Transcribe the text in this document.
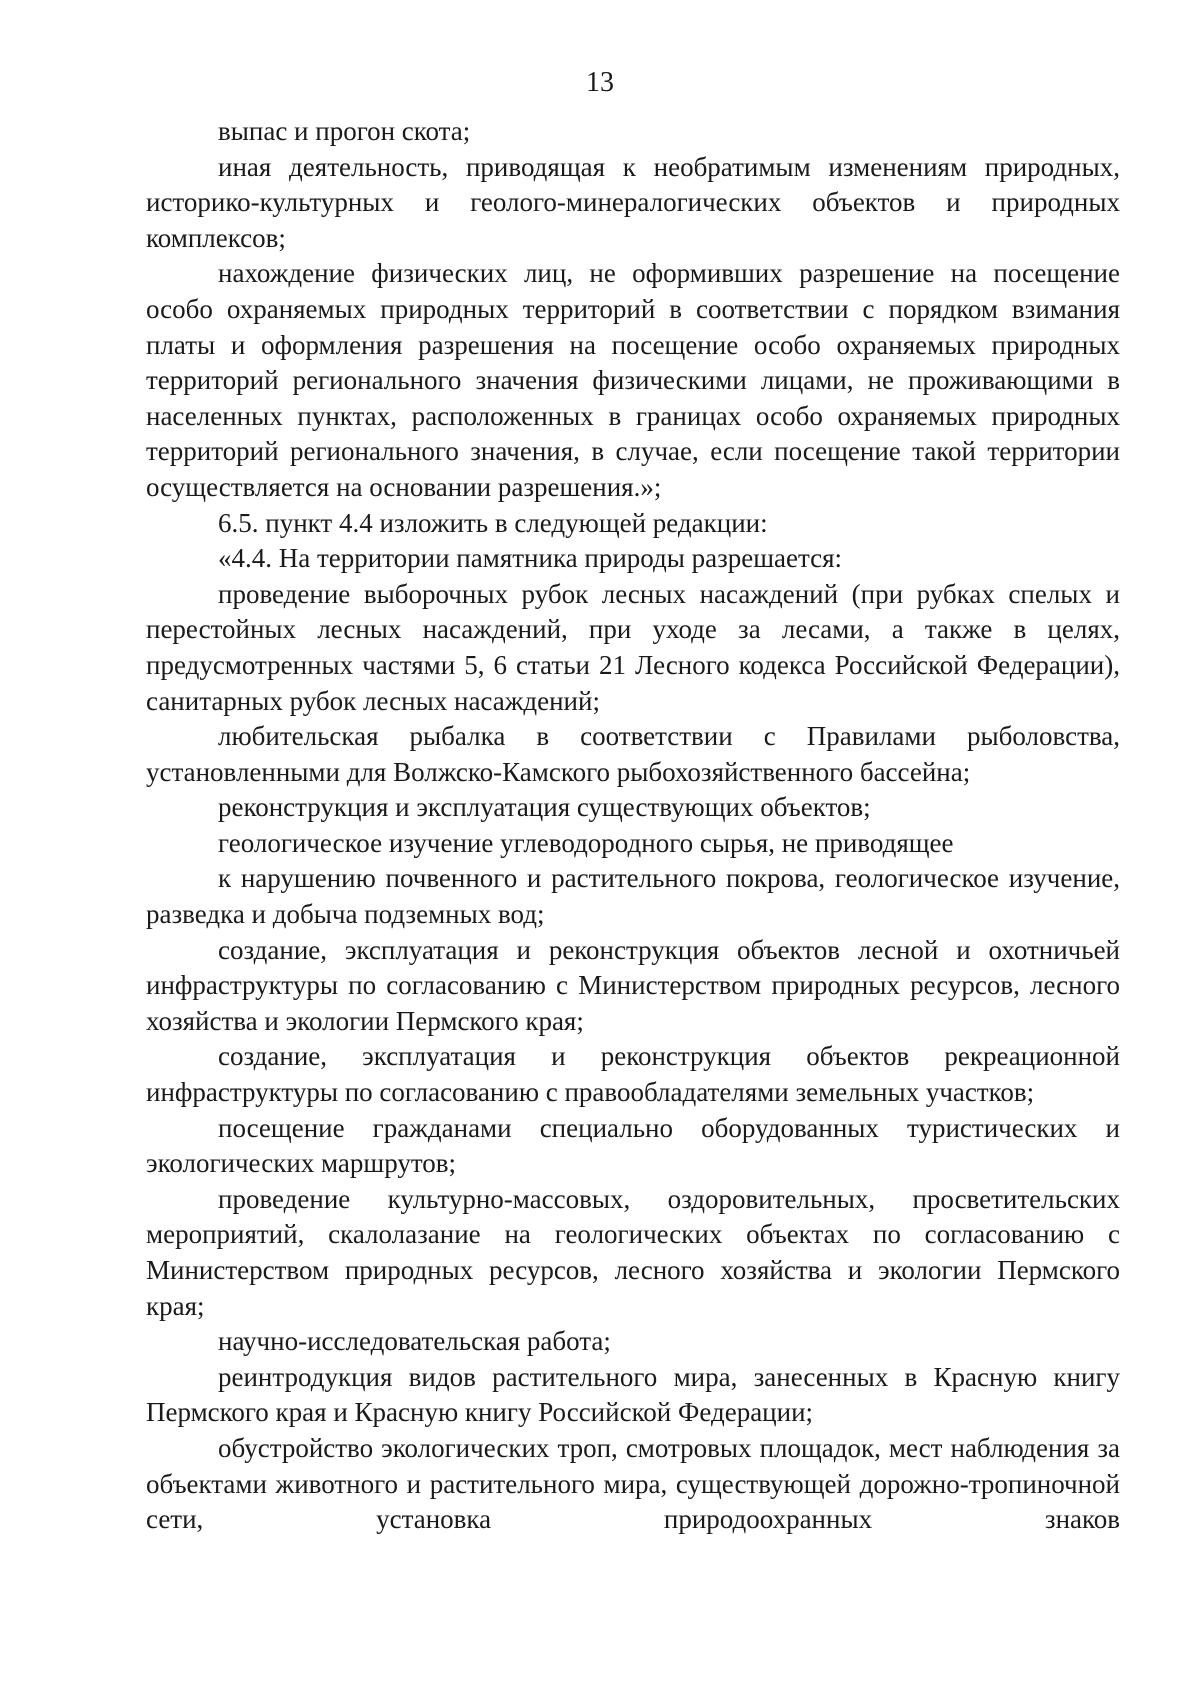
13

выпас и прогон скота;

иная деятельность, приводящая к необратимым изменениям природных, историко-культурных и геолого-минералогических объектов и природных комплексов;

нахождение физических лиц, не оформивших разрешение на посещение особо охраняемых природных территорий в соответствии с порядком взимания платы и оформления разрешения на посещение особо охраняемых природных территорий регионального значения физическими лицами, не проживающими в населенных пунктах, расположенных в границах особо охраняемых природных территорий регионального значения, в случае, если посещение такой территории осуществляется на основании разрешения.»;

6.5. пункт 4.4 изложить в следующей редакции:

«4.4. На территории памятника природы разрешается:

проведение выборочных рубок лесных насаждений (при рубках спелых и перестойных лесных насаждений, при уходе за лесами, а также в целях, предусмотренных частями 5, 6 статьи 21 Лесного кодекса Российской Федерации), санитарных рубок лесных насаждений;

любительская рыбалка в соответствии с Правилами рыболовства, установленными для Волжско-Камского рыбохозяйственного бассейна;

реконструкция и эксплуатация существующих объектов;

геологическое изучение углеводородного сырья, не приводящее

к нарушению почвенного и растительного покрова, геологическое изучение, разведка и добыча подземных вод;

создание, эксплуатация и реконструкция объектов лесной и охотничьей инфраструктуры по согласованию с Министерством природных ресурсов, лесного хозяйства и экологии Пермского края;

создание, эксплуатация и реконструкция объектов рекреационной инфраструктуры по согласованию с правообладателями земельных участков;

посещение гражданами специально оборудованных туристических и экологических маршрутов;

проведение культурно-массовых, оздоровительных, просветительских мероприятий, скалолазание на геологических объектах по согласованию с Министерством природных ресурсов, лесного хозяйства и экологии Пермского края;

научно-исследовательская работа;

реинтродукция видов растительного мира, занесенных в Красную книгу Пермского края и Красную книгу Российской Федерации;

обустройство экологических троп, смотровых площадок, мест наблюдения за объектами животного и растительного мира, существующей дорожно-тропиночной сети, установка природоохранных знаков
